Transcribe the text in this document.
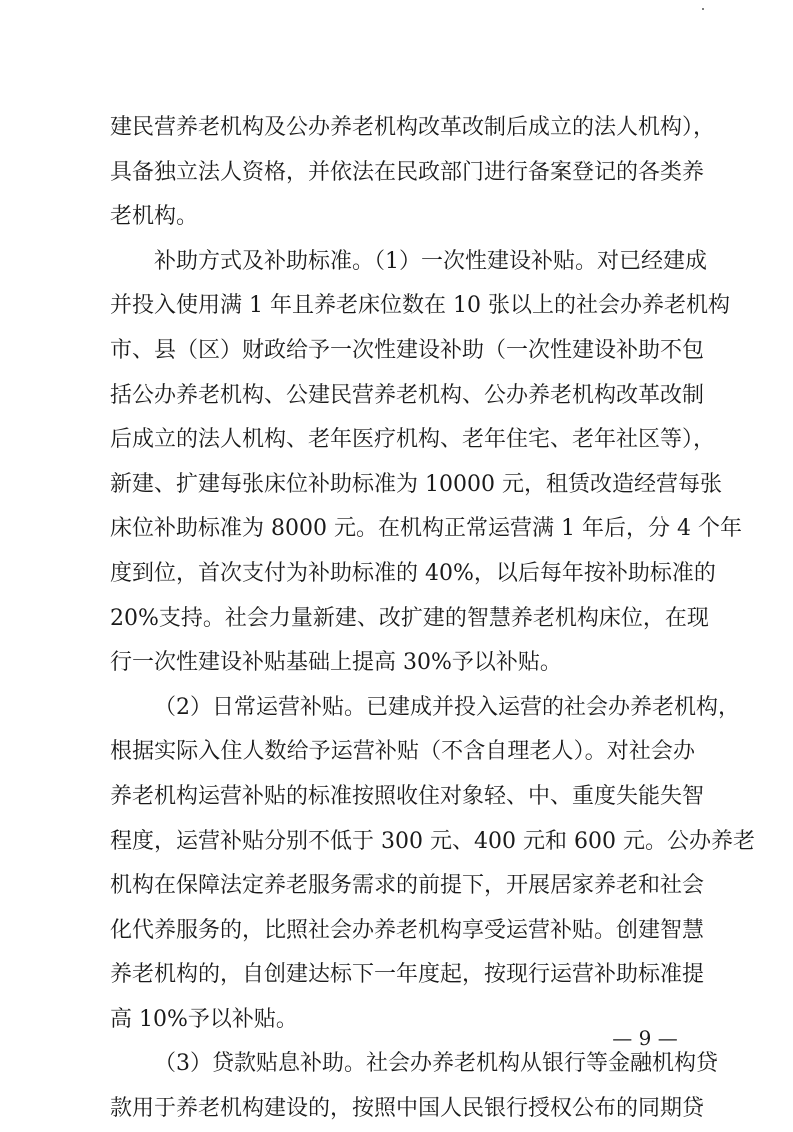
建民营养老机构及公办养老机构改革改制后成立的法人机构），
具备独立法人资格，并依法在民政部门进行备案登记的各类养
老机构。
补助方式及补助标准。（1）一次性建设补贴。对已经建成
并投入使用满 1 年且养老床位数在 10 张以上的社会办养老机构
市、县（区）财政给予一次性建设补助（一次性建设补助不包
括公办养老机构、公建民营养老机构、公办养老机构改革改制
后成立的法人机构、老年医疗机构、老年住宅、老年社区等），
新建、扩建每张床位补助标准为 10000 元，租赁改造经营每张
床位补助标准为 8000 元。在机构正常运营满 1 年后，分 4 个年
度到位，首次支付为补助标准的 40%，以后每年按补助标准的
20%支持。社会力量新建、改扩建的智慧养老机构床位，在现
行一次性建设补贴基础上提高 30%予以补贴。
（2）日常运营补贴。已建成并投入运营的社会办养老机构，
根据实际入住人数给予运营补贴（不含自理老人）。对社会办
养老机构运营补贴的标准按照收住对象轻、中、重度失能失智
程度，运营补贴分别不低于 300 元、400 元和 600 元。公办养老
机构在保障法定养老服务需求的前提下，开展居家养老和社会
化代养服务的，比照社会办养老机构享受运营补贴。创建智慧
养老机构的，自创建达标下一年度起，按现行运营补助标准提
高 10%予以补贴。
（3）贷款贴息补助。社会办养老机构从银行等金融机构贷
款用于养老机构建设的，按照中国人民银行授权公布的同期贷
— 9 —
